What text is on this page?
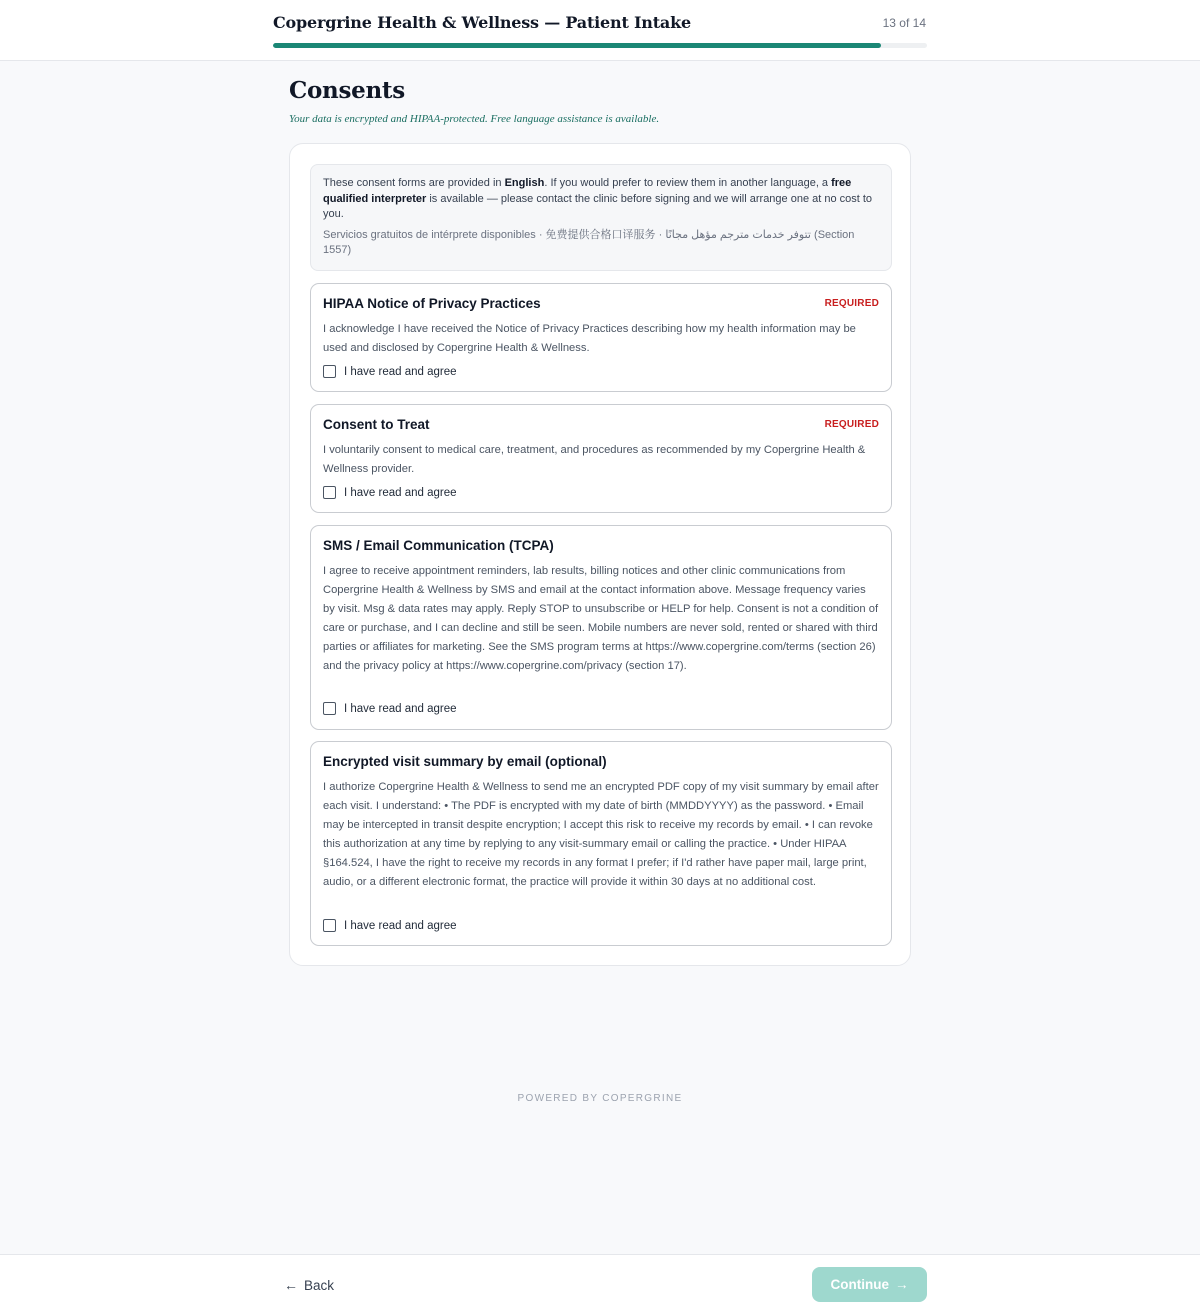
Copergrine Health & Wellness — Patient Intake	13 of 14
Consents
Your data is encrypted and HIPAA-protected. Free language assistance is available.
These consent forms are provided in English. If you would prefer to review them in another language, a free qualified interpreter is available — please contact the clinic before signing and we will arrange one at no cost to you.
Servicios gratuitos de intérprete disponibles · 免费提供合格口译服务 · تتوفر خدمات مترجم مؤهل مجانًا (Section 1557)
HIPAA Notice of Privacy Practices	REQUIRED
I acknowledge I have received the Notice of Privacy Practices describing how my health information may be used and disclosed by Copergrine Health & Wellness.
I have read and agree
Consent to Treat	REQUIRED
I voluntarily consent to medical care, treatment, and procedures as recommended by my Copergrine Health & Wellness provider.
I have read and agree
SMS / Email Communication (TCPA)
I agree to receive appointment reminders, lab results, billing notices and other clinic communications from Copergrine Health & Wellness by SMS and email at the contact information above. Message frequency varies by visit. Msg & data rates may apply. Reply STOP to unsubscribe or HELP for help. Consent is not a condition of care or purchase, and I can decline and still be seen. Mobile numbers are never sold, rented or shared with third parties or affiliates for marketing. See the SMS program terms at https://www.copergrine.com/terms (section 26) and the privacy policy at https://www.copergrine.com/privacy (section 17).
I have read and agree
Encrypted visit summary by email (optional)
I authorize Copergrine Health & Wellness to send me an encrypted PDF copy of my visit summary by email after each visit. I understand: • The PDF is encrypted with my date of birth (MMDDYYYY) as the password. • Email may be intercepted in transit despite encryption; I accept this risk to receive my records by email. • I can revoke this authorization at any time by replying to any visit-summary email or calling the practice. • Under HIPAA §164.524, I have the right to receive my records in any format I prefer; if I'd rather have paper mail, large print, audio, or a different electronic format, the practice will provide it within 30 days at no additional cost.
I have read and agree
POWERED BY COPERGRINE
← Back	Continue →
